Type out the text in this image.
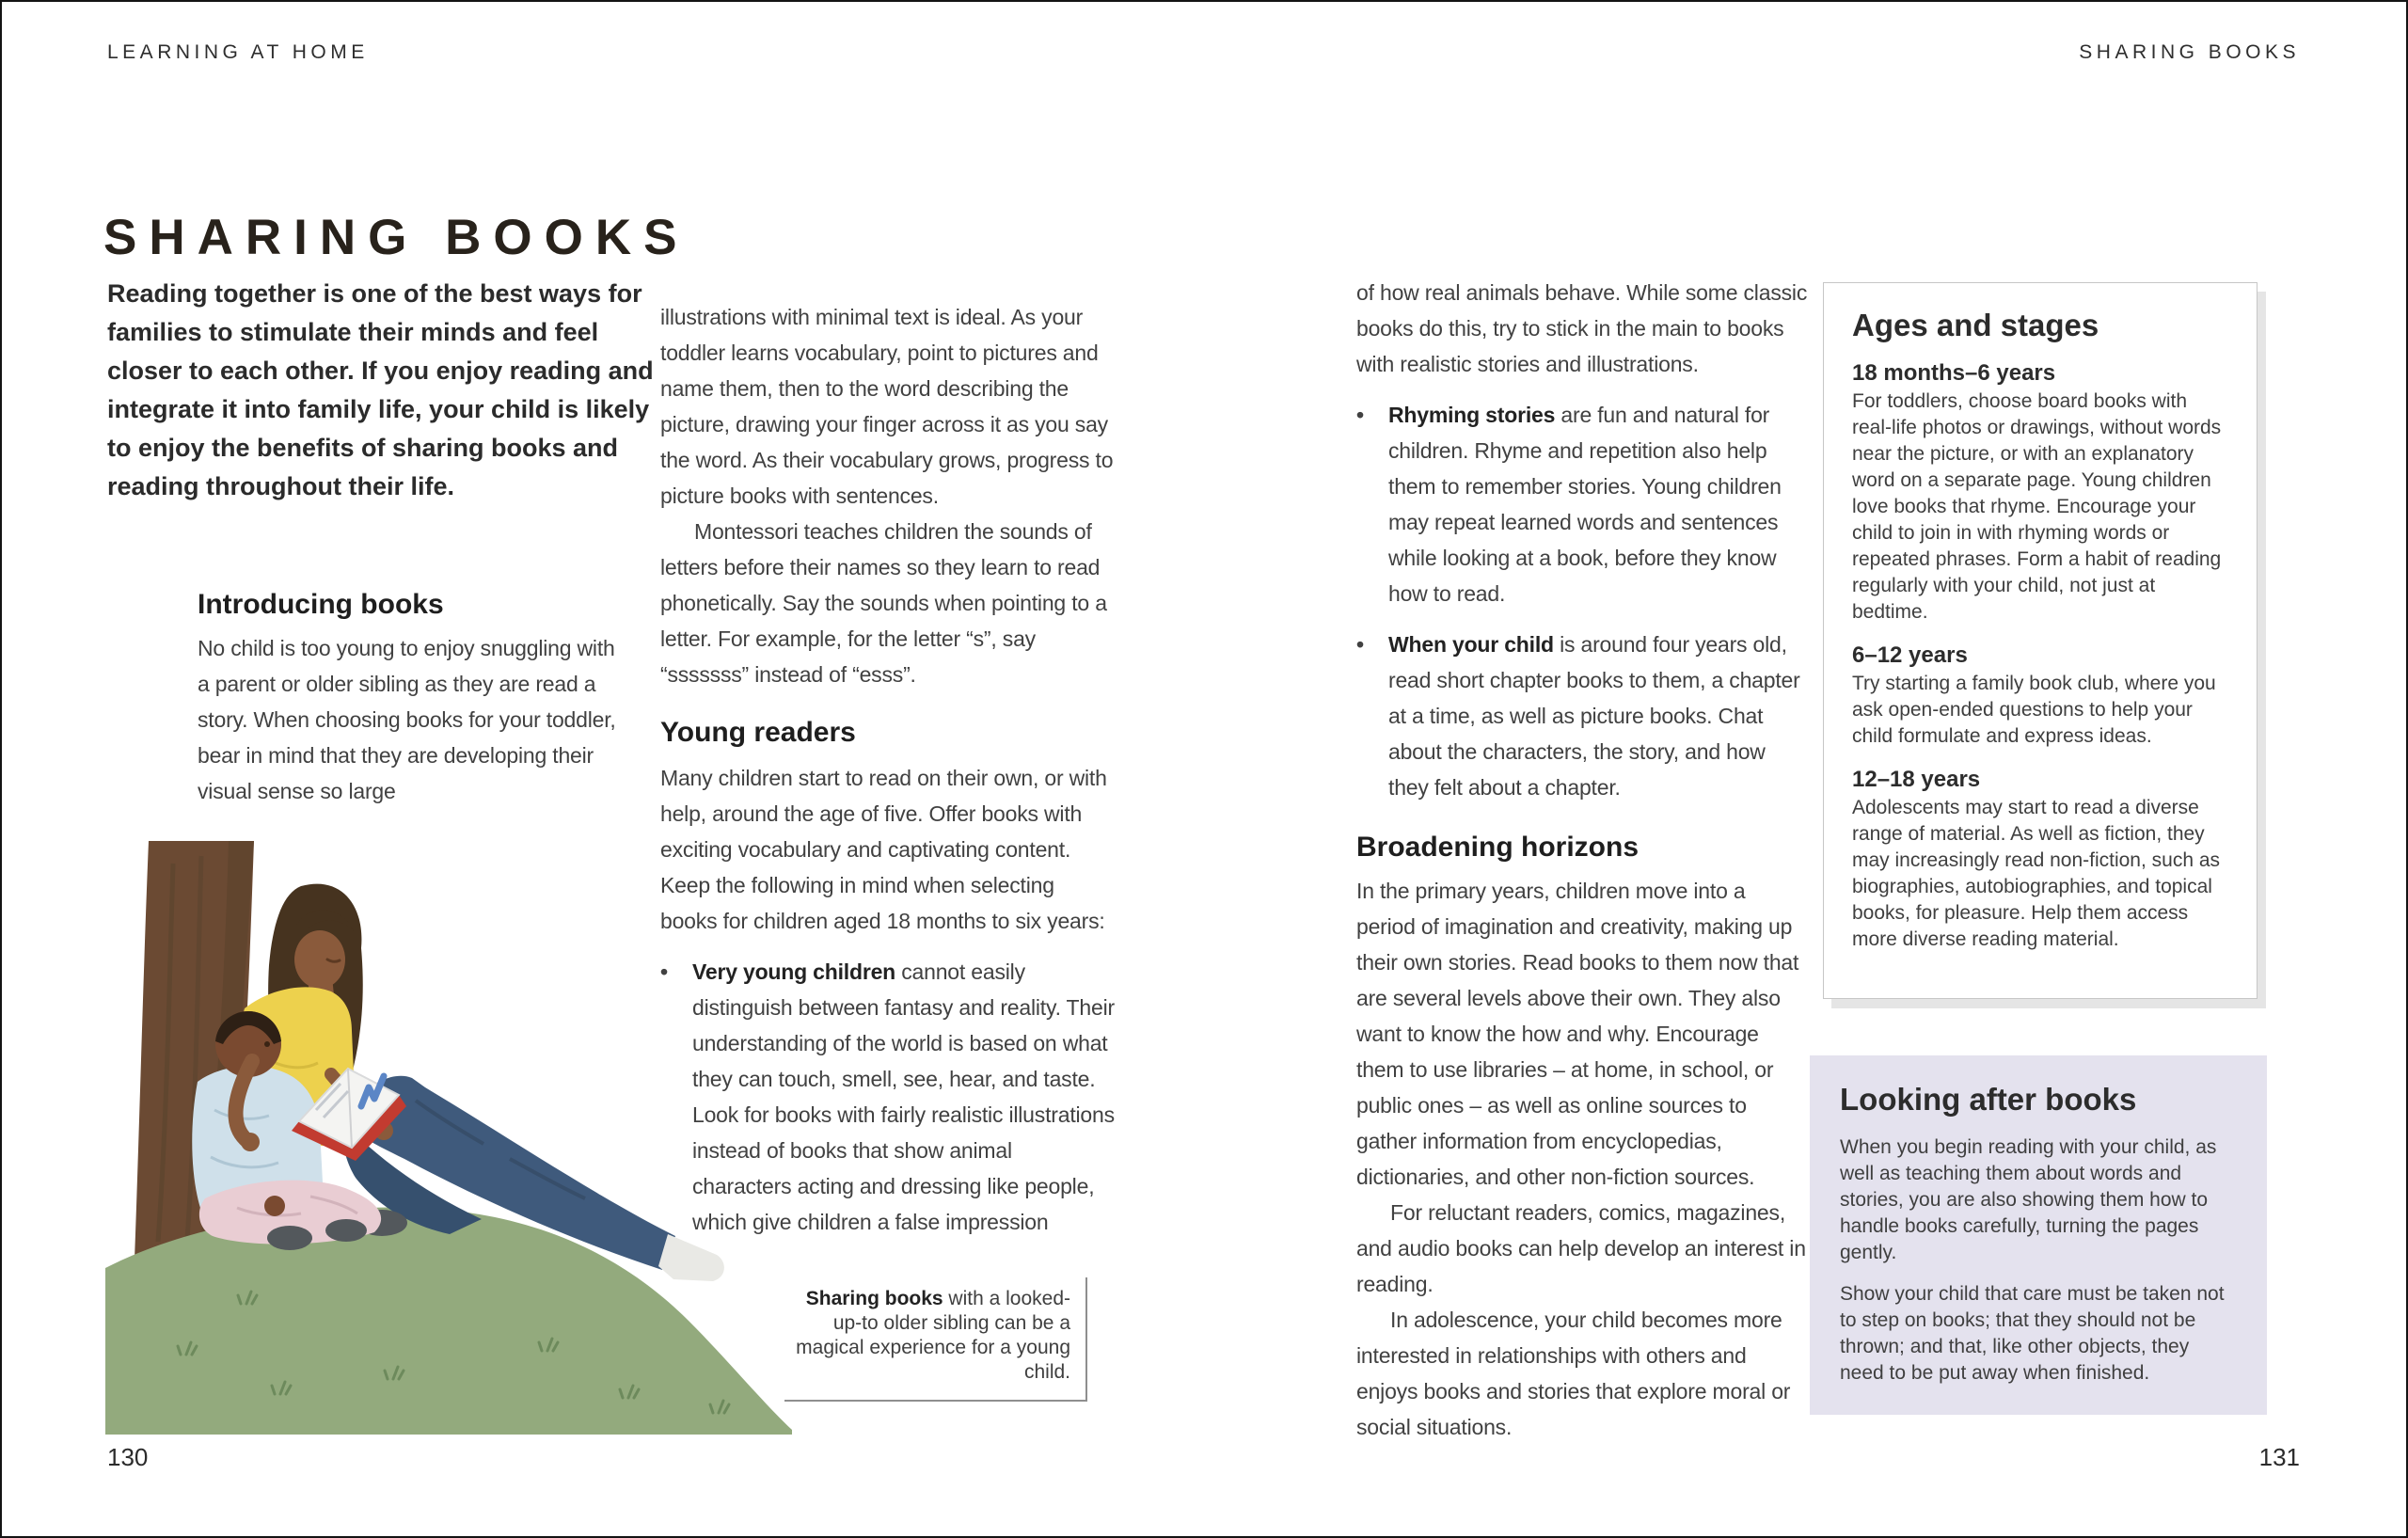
LEARNING AT HOME	SHARING BOOKS
SHARING BOOKS
Reading together is one of the best ways for families to stimulate their minds and feel closer to each other. If you enjoy reading and integrate it into family life, your child is likely to enjoy the benefits of sharing books and reading throughout their life.
Introducing books

No child is too young to enjoy snuggling with a parent or older sibling as they are read a story. When choosing books for your toddler, bear in mind that they are developing their visual sense so large

illustrations with minimal text is ideal. As your toddler learns vocabulary, point to pictures and name them, then to the word describing the picture, drawing your finger across it as you say the word. As their vocabulary grows, progress to picture books with sentences.

Montessori teaches children the sounds of letters before their names so they learn to read phonetically. Say the sounds when pointing to a letter. For example, for the letter “s”, say “sssssss” instead of “esss”.

Young readers

Many children start to read on their own, or with help, around the age of five. Offer books with exciting vocabulary and captivating content. Keep the following in mind when selecting books for children aged 18 months to six years:

•	Very young children cannot easily distinguish between fantasy and reality. Their understanding of the world is based on what they can touch, smell, see, hear, and taste. Look for books with fairly realistic illustrations instead of books that show animal characters acting and dressing like people, which give children a false impression

of how real animals behave. While some classic books do this, try to stick in the main to books with realistic stories and illustrations.

•	Rhyming stories are fun and natural for children. Rhyme and repetition also help them to remember stories. Young children may repeat learned words and sentences while looking at a book, before they know how to read.
•	When your child is around four years old, read short chapter books to them, a chapter at a time, as well as picture books. Chat about the characters, the story, and how they felt about a chapter.
Broadening horizons

In the primary years, children move into a period of imagination and creativity, making up their own stories. Read books to them now that are several levels above their own. They also want to know the how and why. Encourage them to use libraries – at home, in school, or public ones – as well as online sources to gather information from encyclopedias, dictionaries, and other non-fiction sources.

For reluctant readers, comics, magazines, and audio books can help develop an interest in reading.

In adolescence, your child becomes more interested in relationships with others and enjoys books and stories that explore moral or social situations.

Sharing books with a looked-up-to older sibling can be a magical experience for a young child.
Ages and stages
18 months–6 years

For toddlers, choose board books with real-life photos or drawings, without words near the picture, or with an explanatory word on a separate page. Young children love books that rhyme. Encourage your child to join in with rhyming words or repeated phrases. Form a habit of reading regularly with your child, not just at bedtime.

6–12 years

Try starting a family book club, where you ask open-ended questions to help your child formulate and express ideas.

12–18 years

Adolescents may start to read a diverse range of material. As well as fiction, they may increasingly read non-fiction, such as biographies, autobiographies, and topical books, for pleasure. Help them access more diverse reading material.

Looking after books

When you begin reading with your child, as well as teaching them about words and stories, you are also showing them how to handle books carefully, turning the pages gently.

Show your child that care must be taken not to step on books; that they should not be thrown; and that, like other objects, they need to be put away when finished.

130	131
